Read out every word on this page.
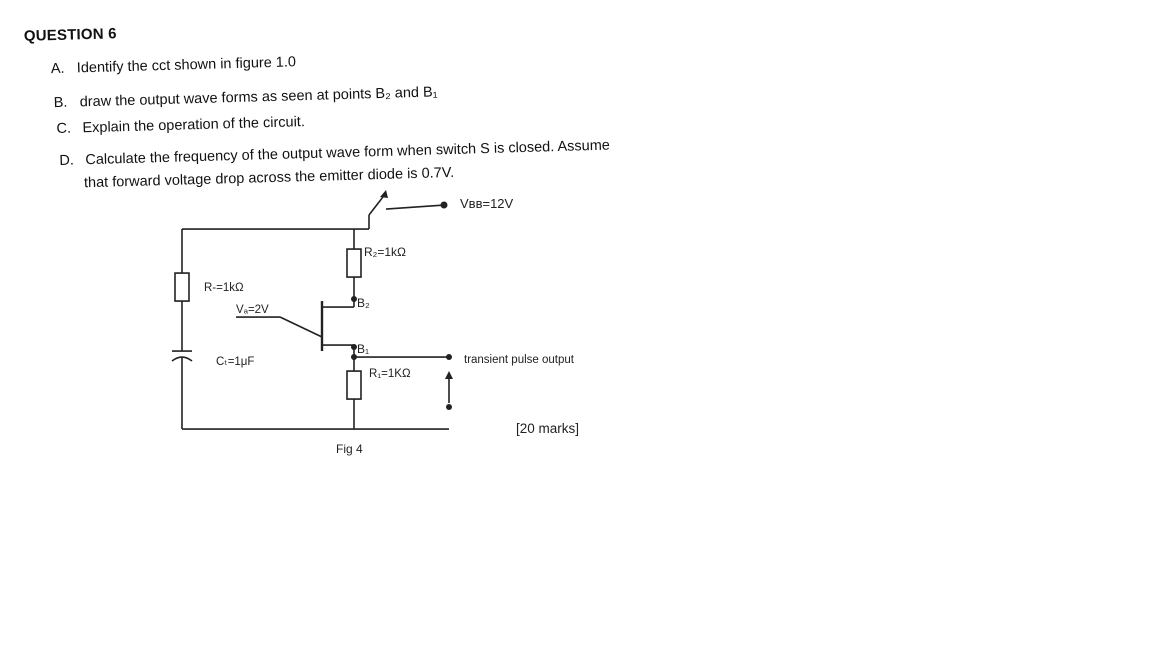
QUESTION 6
A. Identify the cct shown in figure 1.0
B. draw the output wave forms as seen at points B₂ and B₁
C. Explain the operation of the circuit.
D. Calculate the frequency of the output wave form when switch S is closed. Assume
that forward voltage drop across the emitter diode is 0.7V.
Vʙʙ=12V
R₂=1kΩ
R-=1kΩ
Vₐ=2V
Cₜ=1μF
B₂
B₁
R₁=1KΩ
transient pulse output
[20 marks]
Fig 4
